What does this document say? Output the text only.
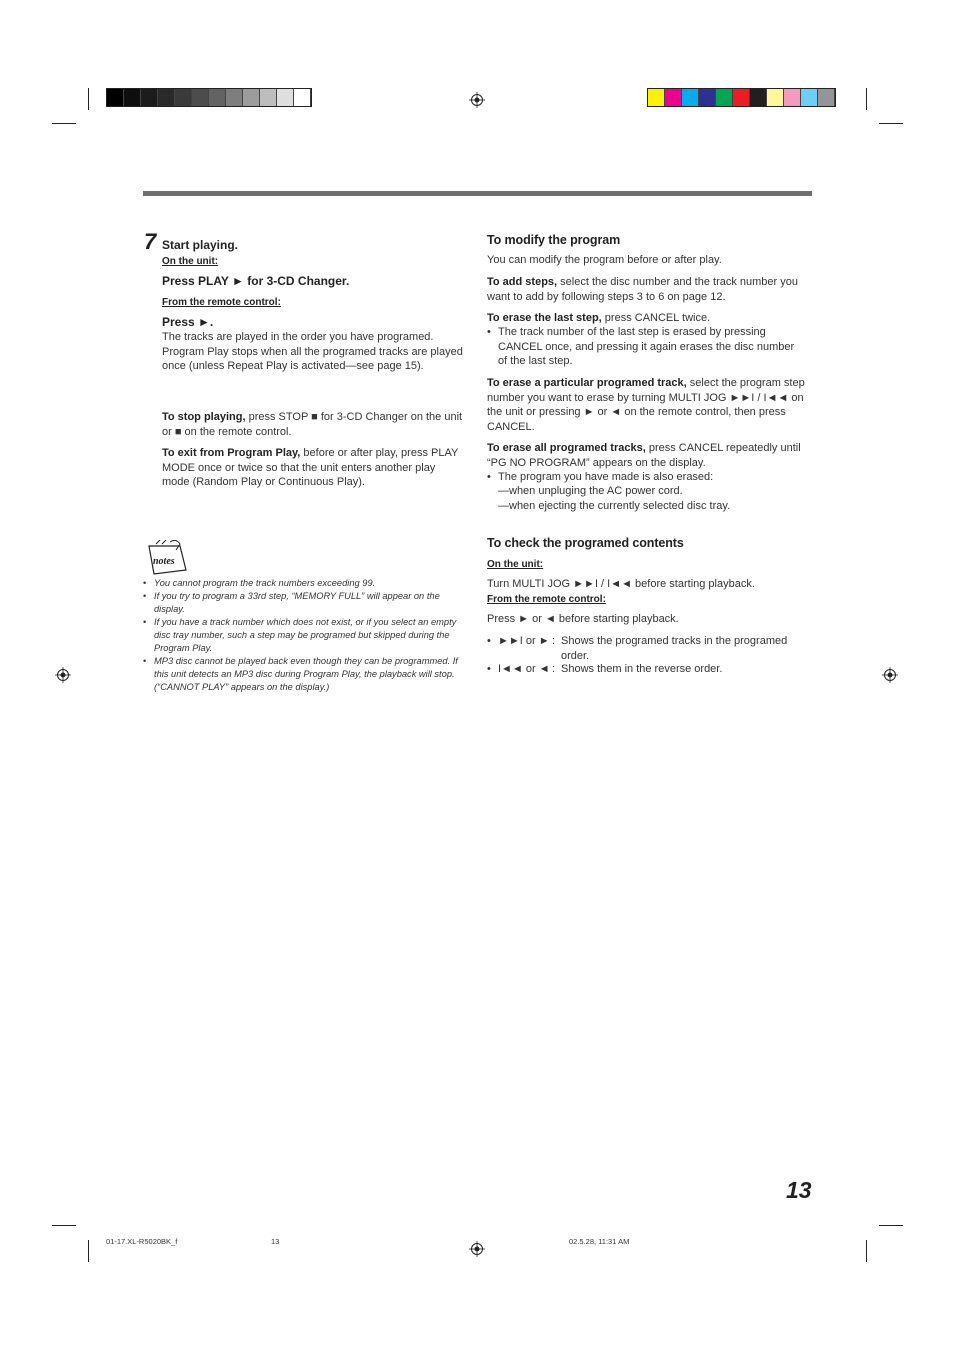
7 Start playing.
On the unit:
Press PLAY ► for 3-CD Changer.
From the remote control:
Press ►.

The tracks are played in the order you have programed. Program Play stops when all the programed tracks are played once (unless Repeat Play is activated—see page 15).

To stop playing, press STOP ■ for 3-CD Changer on the unit or ■ on the remote control.

To exit from Program Play, before or after play, press PLAY MODE once or twice so that the unit enters another play mode (Random Play or Continuous Play).

notes
• You cannot program the track numbers exceeding 99.
• If you try to program a 33rd step, “MEMORY FULL” will appear on the display.
• If you have a track number which does not exist, or if you select an empty disc tray number, such a step may be programed but skipped during the Program Play.
• MP3 disc cannot be played back even though they can be programmed. If this unit detects an MP3 disc during Program Play, the playback will stop. (“CANNOT PLAY” appears on the display.)
To modify the program

You can modify the program before or after play.

To add steps, select the disc number and the track number you want to add by following steps 3 to 6 on page 12.

To erase the last step, press CANCEL twice.

• The track number of the last step is erased by pressing CANCEL once, and pressing it again erases the disc number of the last step.

To erase a particular programed track, select the program step number you want to erase by turning MULTI JOG ►►I / I◄◄ on the unit or pressing ► or ◄ on the remote control, then press CANCEL.

To erase all programed tracks, press CANCEL repeatedly until “PG NO PROGRAM” appears on the display.

• The program you have made is also erased:

—when unpluging the AC power cord.

—when ejecting the currently selected disc tray.

To check the programed contents
On the unit:

Turn MULTI JOG ►►I / I◄◄ before starting playback.

From the remote control:

Press ► or ◄ before starting playback.

• ►►I or ► : Shows the programed tracks in the programed order.

• I◄◄ or ◄ : Shows them in the reverse order.

13
01-17.XL-R5020BK_f	13	02.5.28, 11:31 AM
